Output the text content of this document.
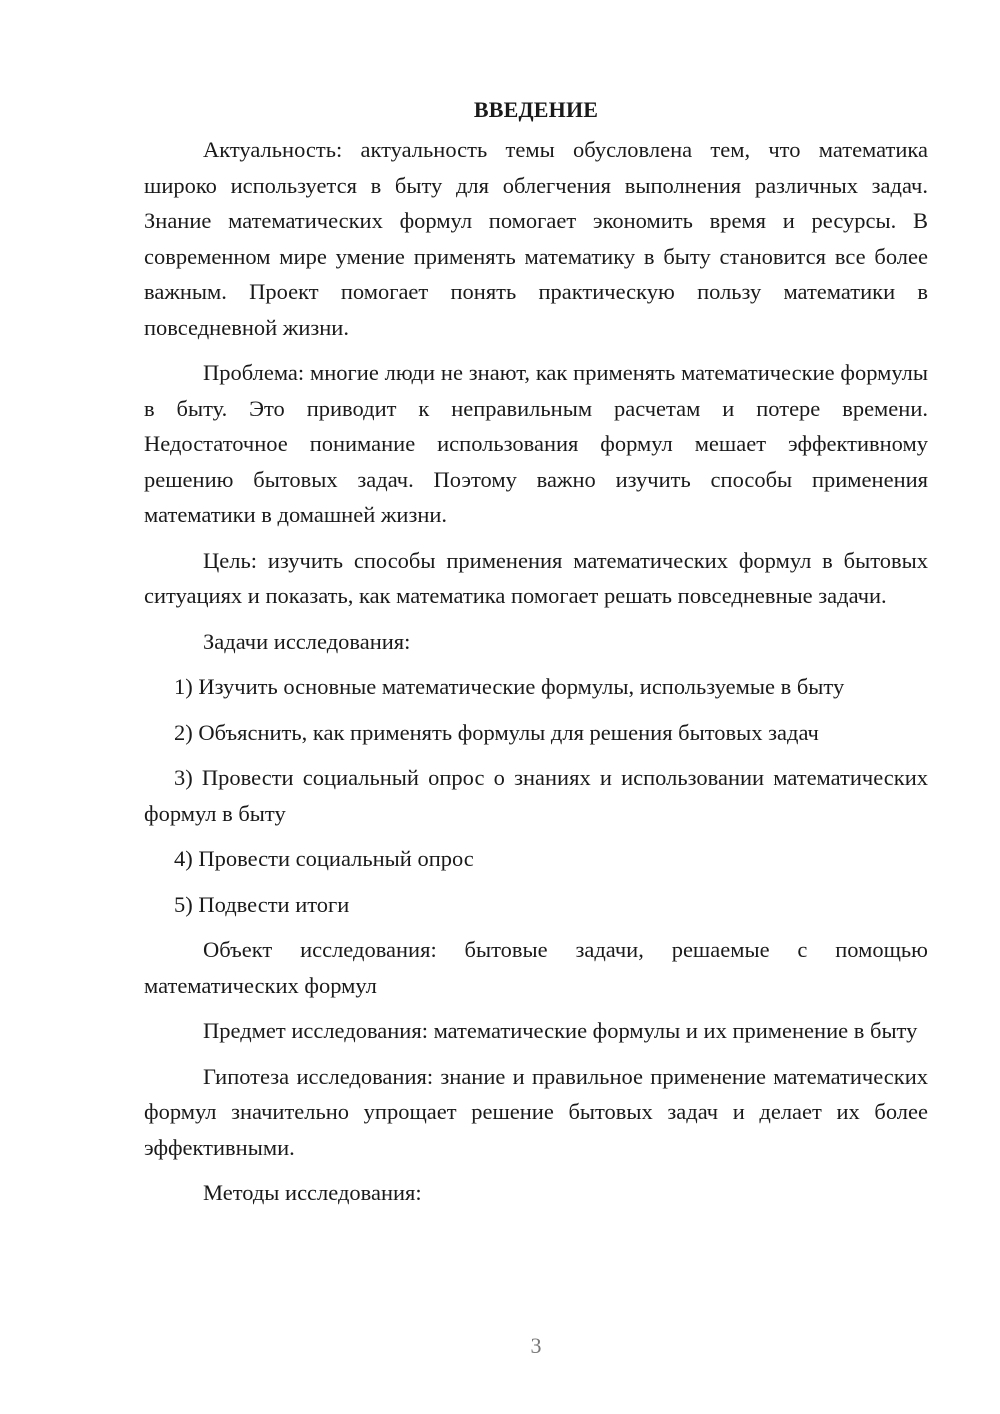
ВВЕДЕНИЕ

Актуальность: актуальность темы обусловлена тем, что математика широко используется в быту для облегчения выполнения различных задач. Знание математических формул помогает экономить время и ресурсы. В современном мире умение применять математику в быту становится все более важным. Проект помогает понять практическую пользу математики в повседневной жизни.

Проблема: многие люди не знают, как применять математические формулы в быту. Это приводит к неправильным расчетам и потере времени. Недостаточное понимание использования формул мешает эффективному решению бытовых задач. Поэтому важно изучить способы применения математики в домашней жизни.

Цель: изучить способы применения математических формул в бытовых ситуациях и показать, как математика помогает решать повседневные задачи.

Задачи исследования:

1) Изучить основные математические формулы, используемые в быту

2) Объяснить, как применять формулы для решения бытовых задач

3) Провести социальный опрос о знаниях и использовании математических формул в быту

4) Провести социальный опрос

5) Подвести итоги

Объект исследования: бытовые задачи, решаемые с помощью математических формул

Предмет исследования: математические формулы и их применение в быту

Гипотеза исследования: знание и правильное применение математических формул значительно упрощает решение бытовых задач и делает их более эффективными.

Методы исследования:

3
